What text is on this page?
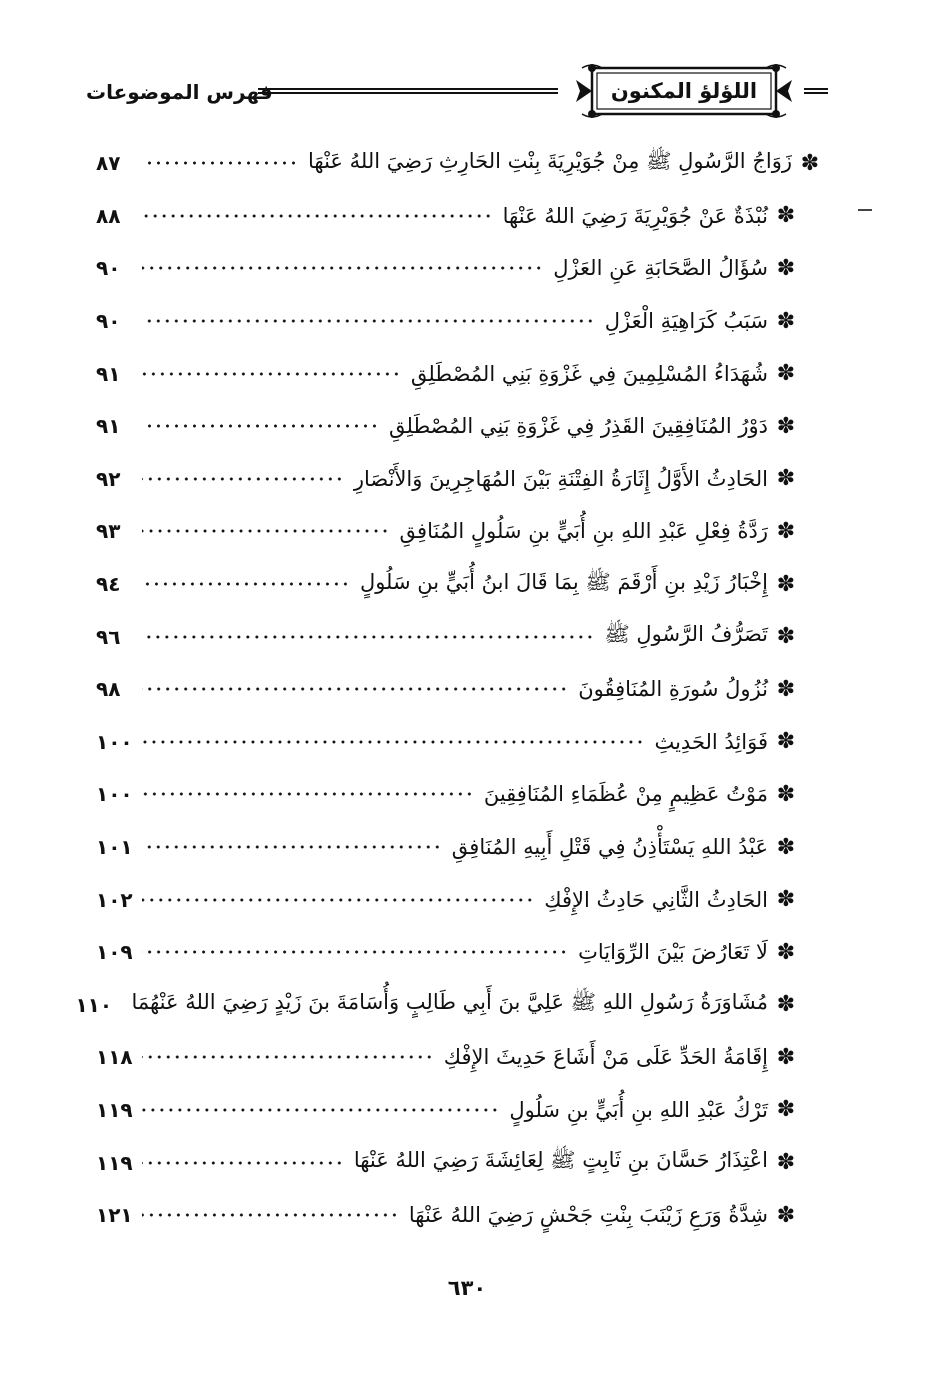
فهرس الموضوعات	اللؤلؤ المكنون
✽
زَوَاجُ الرَّسُولِ ﷺ مِنْ جُوَيْرِيَةَ بِنْتِ الحَارِثِ رَضِيَ اللهُ عَنْهَا
٨٧
✽
نُبْذَةٌ عَنْ جُوَيْرِيَةَ رَضِيَ اللهُ عَنْهَا
٨٨
✽
سُؤَالُ الصَّحَابَةِ عَنِ العَزْلِ
٩٠
✽
سَبَبُ كَرَاهِيَةِ الْعَزْلِ
٩٠
✽
شُهَدَاءُ المُسْلِمِينَ فِي غَزْوَةِ بَنِي المُصْطَلِقِ
٩١
✽
دَوْرُ المُنَافِقِينَ القَذِرُ فِي غَزْوَةِ بَنِي المُصْطَلِقِ
٩١
✽
الحَادِثُ الأَوَّلُ إِثَارَةُ الفِتْنَةِ بَيْنَ المُهَاجِرِينَ وَالأَنْصَارِ
٩٢
✽
رَدَّةُ فِعْلِ عَبْدِ اللهِ بنِ أُبَيٍّ بنِ سَلُولٍ المُنَافِقِ
٩٣
✽
إِخْبَارُ زَيْدِ بنِ أَرْقَمَ ﷺ بِمَا قَالَ ابنُ أُبَيٍّ بنِ سَلُولٍ
٩٤
✽
تَصَرُّفُ الرَّسُولِ ﷺ
٩٦
✽
نُزُولُ سُورَةِ المُنَافِقُونَ
٩٨
✽
فَوَائِدُ الحَدِيثِ
١٠٠
✽
مَوْتُ عَظِيمٍ مِنْ عُظَمَاءِ المُنَافِقِينَ
١٠٠
✽
عَبْدُ اللهِ يَسْتَأْذِنُ فِي قَتْلِ أَبِيهِ المُنَافِقِ
١٠١
✽
الحَادِثُ الثَّانِي حَادِثُ الإِفْكِ
١٠٢
✽
لَا تَعَارُضَ بَيْنَ الرِّوَايَاتِ
١٠٩
✽
مُشَاوَرَةُ رَسُولِ اللهِ ﷺ عَلِيَّ بنَ أَبِي طَالِبٍ وَأُسَامَةَ بنَ زَيْدٍ رَضِيَ اللهُ عَنْهُمَا
١١٠
✽
إِقَامَةُ الحَدِّ عَلَى مَنْ أَشَاعَ حَدِيثَ الإِفْكِ
١١٨
✽
تَرْكُ عَبْدِ اللهِ بنِ أُبَيٍّ بنِ سَلُولٍ
١١٩
✽
اعْتِذَارُ حَسَّانَ بنِ ثَابِتٍ ﷺ لِعَائِشَةَ رَضِيَ اللهُ عَنْهَا
١١٩
✽
شِدَّةُ وَرَعِ زَيْنَبَ بِنْتِ جَحْشٍ رَضِيَ اللهُ عَنْهَا
١٢١
٦٣٠
